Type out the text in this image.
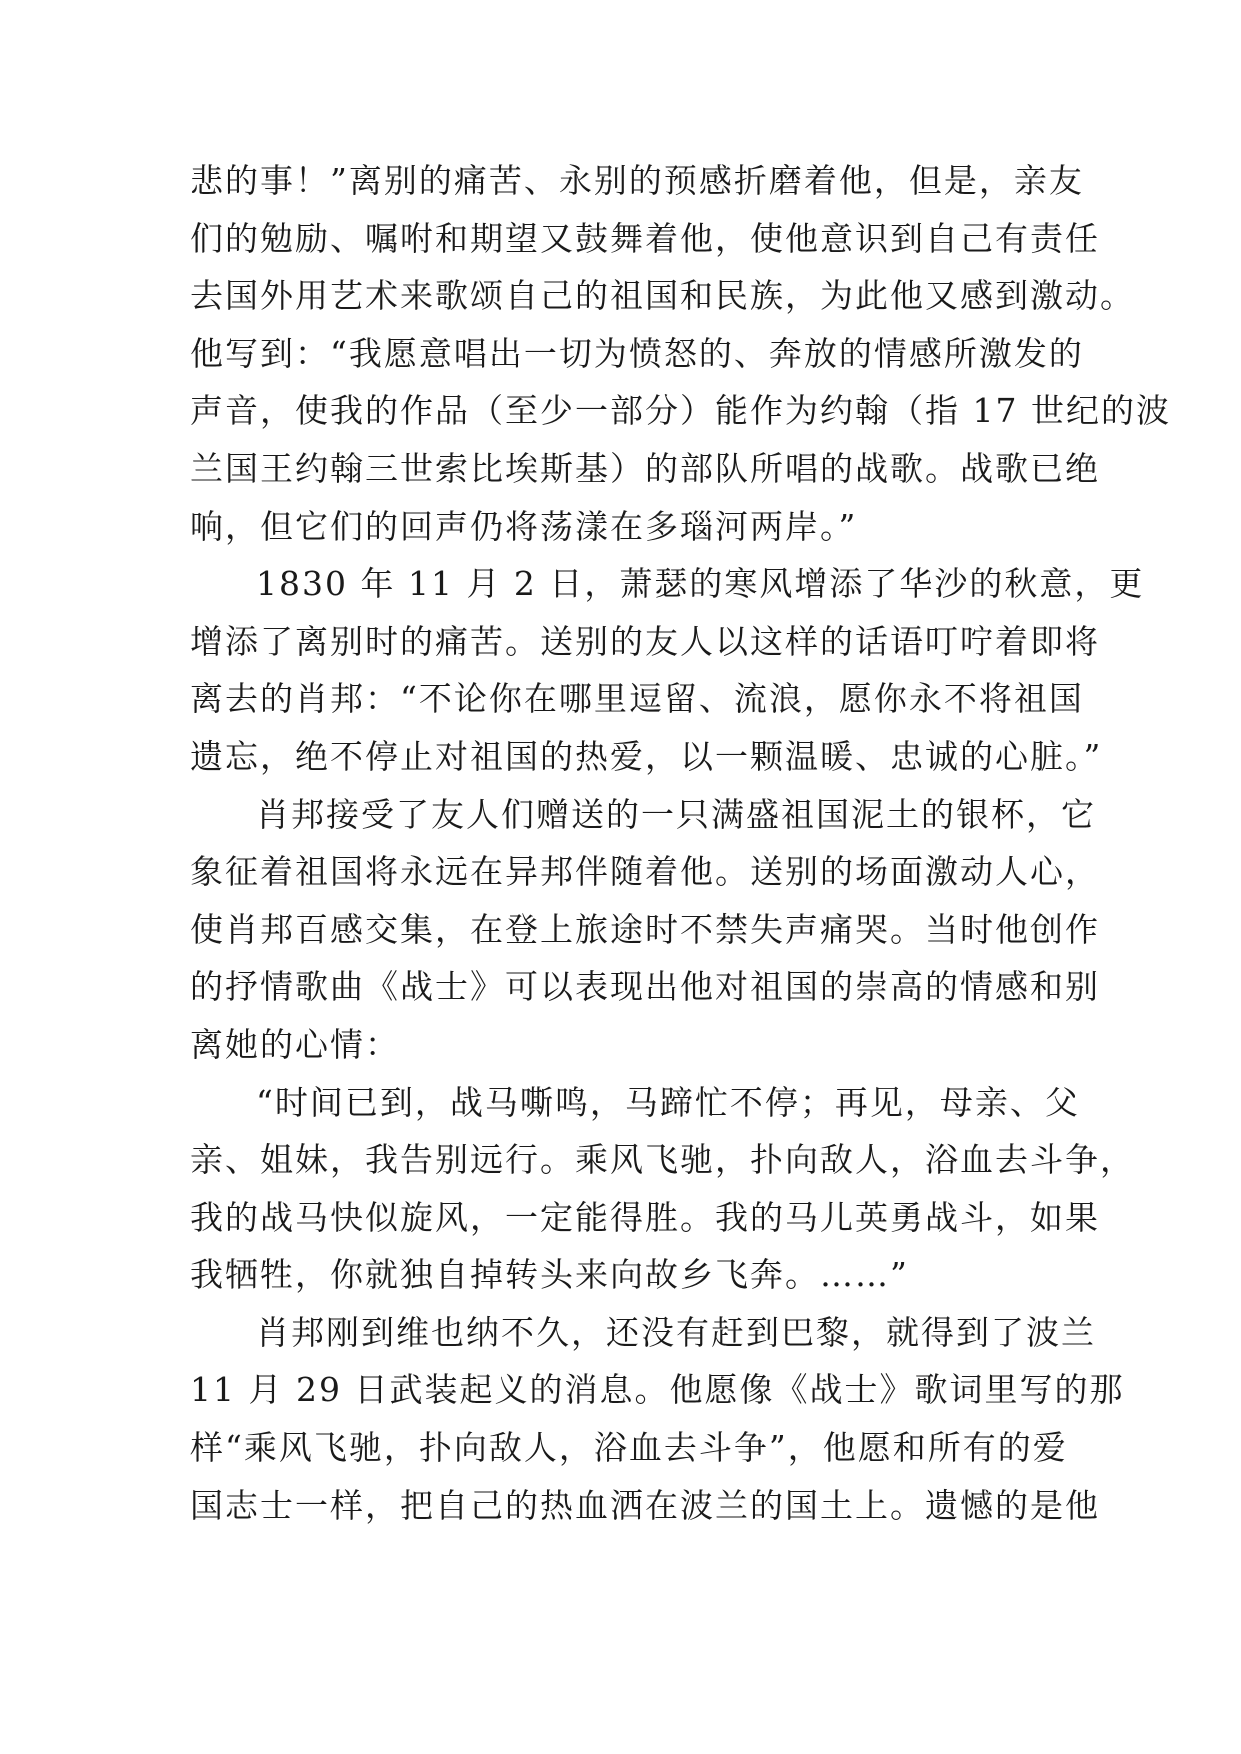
悲的事！”离别的痛苦、永别的预感折磨着他，但是，亲友
们的勉励、嘱咐和期望又鼓舞着他，使他意识到自己有责任
去国外用艺术来歌颂自己的祖国和民族，为此他又感到激动。
他写到：“我愿意唱出一切为愤怒的、奔放的情感所激发的
声音，使我的作品（至少一部分）能作为约翰（指 17 世纪的波
兰国王约翰三世索比埃斯基）的部队所唱的战歌。战歌已绝
响，但它们的回声仍将荡漾在多瑙河两岸。”
1830 年 11 月 2 日，萧瑟的寒风增添了华沙的秋意，更
增添了离别时的痛苦。送别的友人以这样的话语叮咛着即将
离去的肖邦：“不论你在哪里逗留、流浪，愿你永不将祖国
遗忘，绝不停止对祖国的热爱，以一颗温暖、忠诚的心脏。”
肖邦接受了友人们赠送的一只满盛祖国泥土的银杯，它
象征着祖国将永远在异邦伴随着他。送别的场面激动人心，
使肖邦百感交集，在登上旅途时不禁失声痛哭。当时他创作
的抒情歌曲《战士》可以表现出他对祖国的崇高的情感和别
离她的心情：
“时间已到，战马嘶鸣，马蹄忙不停；再见，母亲、父
亲、姐妹，我告别远行。乘风飞驰，扑向敌人，浴血去斗争，
我的战马快似旋风，一定能得胜。我的马儿英勇战斗，如果
我牺牲，你就独自掉转头来向故乡飞奔。……”
肖邦刚到维也纳不久，还没有赶到巴黎，就得到了波兰
11 月 29 日武装起义的消息。他愿像《战士》歌词里写的那
样“乘风飞驰，扑向敌人，浴血去斗争”，他愿和所有的爱
国志士一样，把自己的热血洒在波兰的国土上。遗憾的是他
